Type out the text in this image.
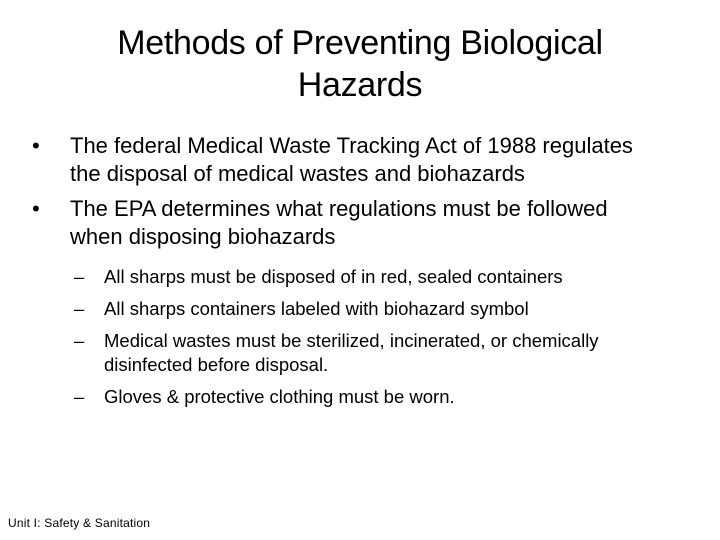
Methods of Preventing Biological
Hazards
• The federal Medical Waste Tracking Act of 1988 regulates the disposal of medical wastes and biohazards
• The EPA determines what regulations must be followed when disposing biohazards
– All sharps must be disposed of in red, sealed containers
– All sharps containers labeled with biohazard symbol
– Medical wastes must be sterilized, incinerated, or chemically disinfected before disposal.
– Gloves & protective clothing must be worn.
Unit I: Safety & Sanitation
